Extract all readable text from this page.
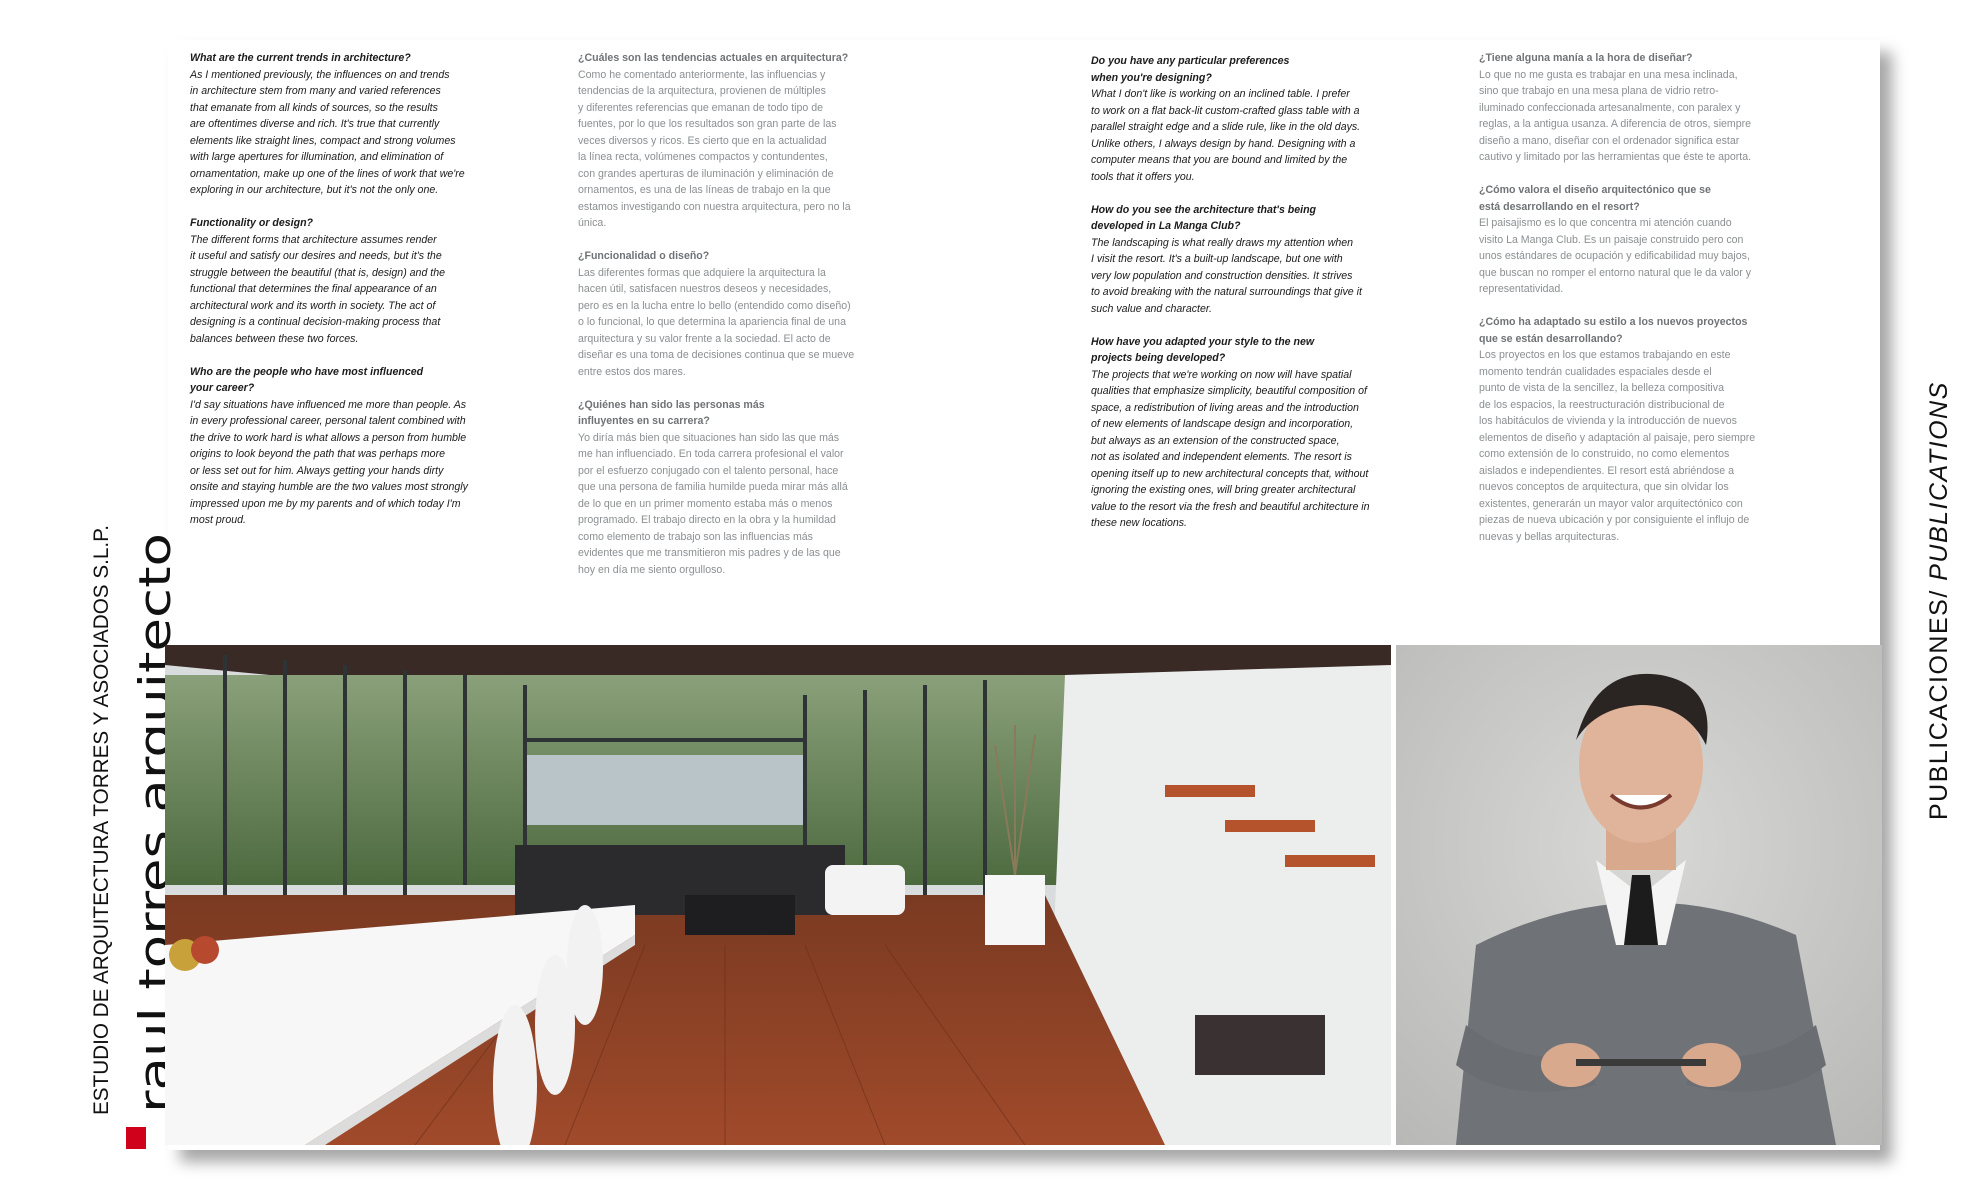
What are the current trends in architecture?

As I mentioned previously, the influences on and trends
in architecture stem from many and varied references
that emanate from all kinds of sources, so the results
are oftentimes diverse and rich. It's true that currently
elements like straight lines, compact and strong volumes
with large apertures for illumination, and elimination of
ornamentation, make up one of the lines of work that we're
exploring in our architecture, but it's not the only one.

Functionality or design?

The different forms that architecture assumes render
it useful and satisfy our desires and needs, but it's the
struggle between the beautiful (that is, design) and the
functional that determines the final appearance of an
architectural work and its worth in society. The act of
designing is a continual decision-making process that
balances between these two forces.

Who are the people who have most influenced
your career?

I'd say situations have influenced me more than people. As
in every professional career, personal talent combined with
the drive to work hard is what allows a person from humble
origins to look beyond the path that was perhaps more
or less set out for him. Always getting your hands dirty
onsite and staying humble are the two values most strongly
impressed upon me by my parents and of which today I'm
most proud.

¿Cuáles son las tendencias actuales en arquitectura?

Como he comentado anteriormente, las influencias y
tendencias de la arquitectura, provienen de múltiples
y diferentes referencias que emanan de todo tipo de
fuentes, por lo que los resultados son gran parte de las
veces diversos y ricos. Es cierto que en la actualidad
la línea recta, volúmenes compactos y contundentes,
con grandes aperturas de iluminación y eliminación de
ornamentos, es una de las líneas de trabajo en la que
estamos investigando con nuestra arquitectura, pero no la
única.

¿Funcionalidad o diseño?

Las diferentes formas que adquiere la arquitectura la
hacen útil, satisfacen nuestros deseos y necesidades,
pero es en la lucha entre lo bello (entendido como diseño)
o lo funcional, lo que determina la apariencia final de una
arquitectura y su valor frente a la sociedad. El acto de
diseñar es una toma de decisiones continua que se mueve
entre estos dos mares.

¿Quiénes han sido las personas más
influyentes en su carrera?

Yo diría más bien que situaciones han sido las que más
me han influenciado. En toda carrera profesional el valor
por el esfuerzo conjugado con el talento personal, hace
que una persona de familia humilde pueda mirar más allá
de lo que en un primer momento estaba más o menos
programado. El trabajo directo en la obra y la humildad
como elemento de trabajo son las influencias más
evidentes que me transmitieron mis padres y de las que
hoy en día me siento orgulloso.

Do you have any particular preferences
when you're designing?

What I don't like is working on an inclined table. I prefer
to work on a flat back-lit custom-crafted glass table with a
parallel straight edge and a slide rule, like in the old days.
Unlike others, I always design by hand. Designing with a
computer means that you are bound and limited by the
tools that it offers you.

How do you see the architecture that's being
developed in La Manga Club?

The landscaping is what really draws my attention when
I visit the resort. It's a built-up landscape, but one with
very low population and construction densities. It strives
to avoid breaking with the natural surroundings that give it
such value and character.

How have you adapted your style to the new
projects being developed?

The projects that we're working on now will have spatial
qualities that emphasize simplicity, beautiful composition of
space, a redistribution of living areas and the introduction
of new elements of landscape design and incorporation,
but always as an extension of the constructed space,
not as isolated and independent elements. The resort is
opening itself up to new architectural concepts that, without
ignoring the existing ones, will bring greater architectural
value to the resort via the fresh and beautiful architecture in
these new locations.

¿Tiene alguna manía a la hora de diseñar?

Lo que no me gusta es trabajar en una mesa inclinada,
sino que trabajo en una mesa plana de vidrio retro-
iluminado confeccionada artesanalmente, con paralex y
reglas, a la antigua usanza. A diferencia de otros, siempre
diseño a mano, diseñar con el ordenador significa estar
cautivo y limitado por las herramientas que éste te aporta.

¿Cómo valora el diseño arquitectónico que se
está desarrollando en el resort?

El paisajismo es lo que concentra mi atención cuando
visito La Manga Club. Es un paisaje construido pero con
unos estándares de ocupación y edificabilidad muy bajos,
que buscan no romper el entorno natural que le da valor y
representatividad.

¿Cómo ha adaptado su estilo a los nuevos proyectos
que se están desarrollando?

Los proyectos en los que estamos trabajando en este
momento tendrán cualidades espaciales desde el
punto de vista de la sencillez, la belleza compositiva
de los espacios, la reestructuración distribucional de
los habitáculos de vivienda y la introducción de nuevos
elementos de diseño y adaptación al paisaje, pero siempre
como extensión de lo construido, no como elementos
aislados e independientes. El resort está abriéndose a
nuevos conceptos de arquitectura, que sin olvidar los
existentes, generarán un mayor valor arquitectónico con
piezas de nueva ubicación y por consiguiente el influjo de
nuevas y bellas arquitecturas.

ESTUDIO DE ARQUITECTURA TORRES Y ASOCIADOS S.L.P. raul torres arquitecto	PUBLICACIONES/ PUBLICATIONS
